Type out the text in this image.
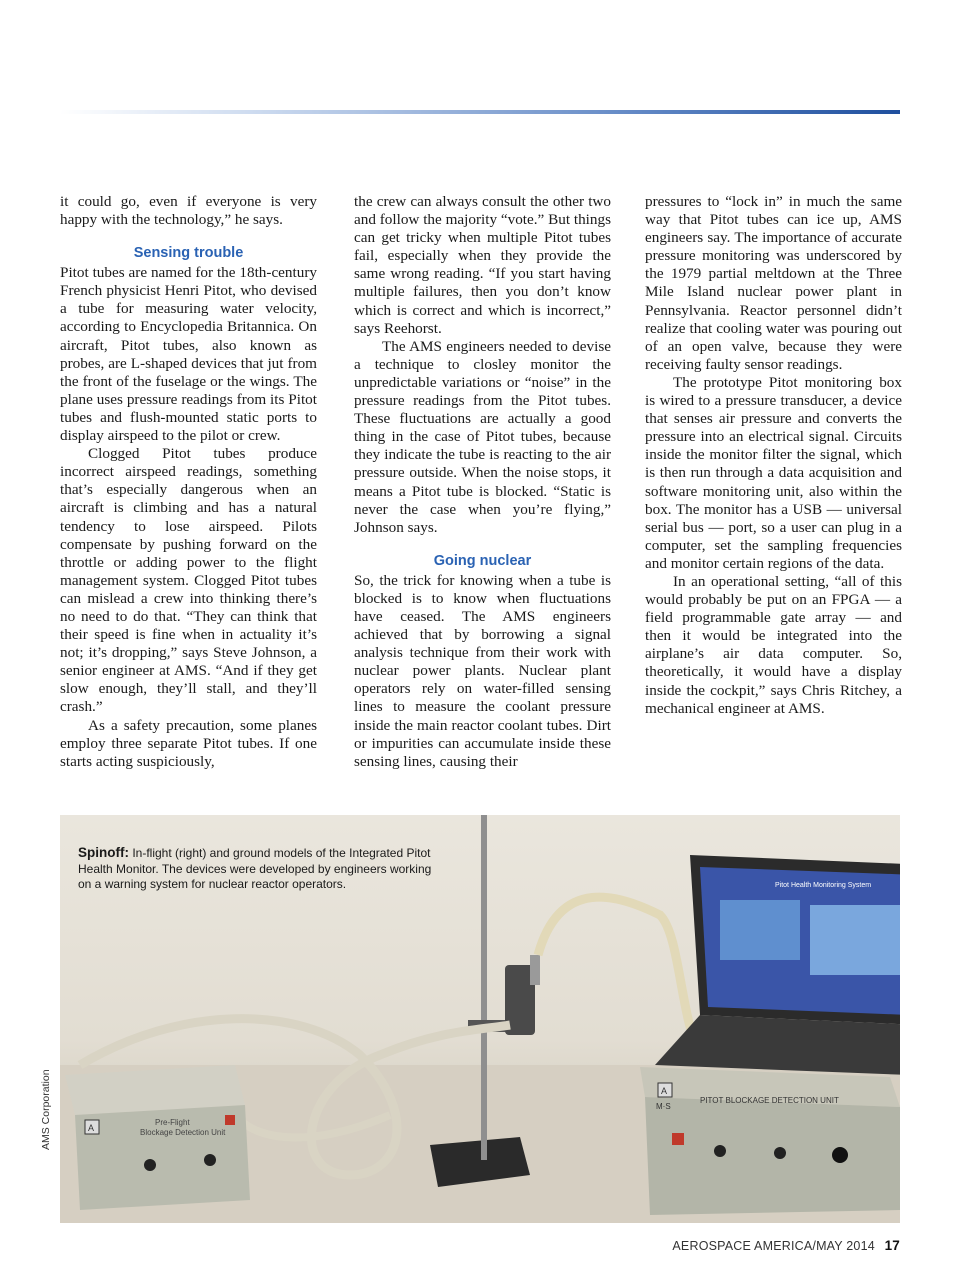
it could go, even if everyone is very happy with the technology,” he says.

Sensing trouble

Pitot tubes are named for the 18th-century French physicist Henri Pitot, who devised a tube for measuring water velocity, according to Encyclopedia Britannica. On aircraft, Pitot tubes, also known as probes, are L-shaped devices that jut from the front of the fuselage or the wings. The plane uses pressure readings from its Pitot tubes and flush-mounted static ports to display airspeed to the pilot or crew.

Clogged Pitot tubes produce incorrect airspeed readings, something that’s especially dangerous when an aircraft is climbing and has a natural tendency to lose airspeed. Pilots compensate by pushing forward on the throttle or adding power to the flight management system. Clogged Pitot tubes can mislead a crew into thinking there’s no need to do that. “They can think that their speed is fine when in actuality it’s not; it’s dropping,” says Steve Johnson, a senior engineer at AMS. “And if they get slow enough, they’ll stall, and they’ll crash.”

As a safety precaution, some planes employ three separate Pitot tubes. If one starts acting suspiciously,

the crew can always consult the other two and follow the majority “vote.” But things can get tricky when multiple Pitot tubes fail, especially when they provide the same wrong reading. “If you start having multiple failures, then you don’t know which is correct and which is incorrect,” says Reehorst.

The AMS engineers needed to devise a technique to closley monitor the unpredictable variations or “noise” in the pressure readings from the Pitot tubes. These fluctuations are actually a good thing in the case of Pitot tubes, because they indicate the tube is reacting to the air pressure outside. When the noise stops, it means a Pitot tube is blocked. “Static is never the case when you’re flying,” Johnson says.

Going nuclear

So, the trick for knowing when a tube is blocked is to know when fluctuations have ceased. The AMS engineers achieved that by borrowing a signal analysis technique from their work with nuclear power plants. Nuclear plant operators rely on water-filled sensing lines to measure the coolant pressure inside the main reactor coolant tubes. Dirt or impurities can accumulate inside these sensing lines, causing their

pressures to “lock in” in much the same way that Pitot tubes can ice up, AMS engineers say. The importance of accurate pressure monitoring was underscored by the 1979 partial meltdown at the Three Mile Island nuclear power plant in Pennsylvania. Reactor personnel didn’t realize that cooling water was pouring out of an open valve, because they were receiving faulty sensor readings.

The prototype Pitot monitoring box is wired to a pressure transducer, a device that senses air pressure and converts the pressure into an electrical signal. Circuits inside the monitor filter the signal, which is then run through a data acquisition and software monitoring unit, also within the box. The monitor has a USB — universal serial bus — port, so a user can plug in a computer, set the sampling frequencies and monitor certain regions of the data.

In an operational setting, “all of this would probably be put on an FPGA — a field programmable gate array — and then it would be integrated into the airplane’s air data computer. So, theoretically, it would have a display inside the cockpit,” says Chris Ritchey, a mechanical engineer at AMS.

Pre-Flight
Blockage Detection Unit
A
Pitot Health Monitoring System
A
M·S
PITOT BLOCKAGE DETECTION UNIT
Spinoff: In-flight (right) and ground models of the Integrated Pitot Health Monitor. The devices were developed by engineers working on a warning system for nuclear reactor operators.
AMS Corporation
AEROSPACE AMERICA/MAY 2014 17
